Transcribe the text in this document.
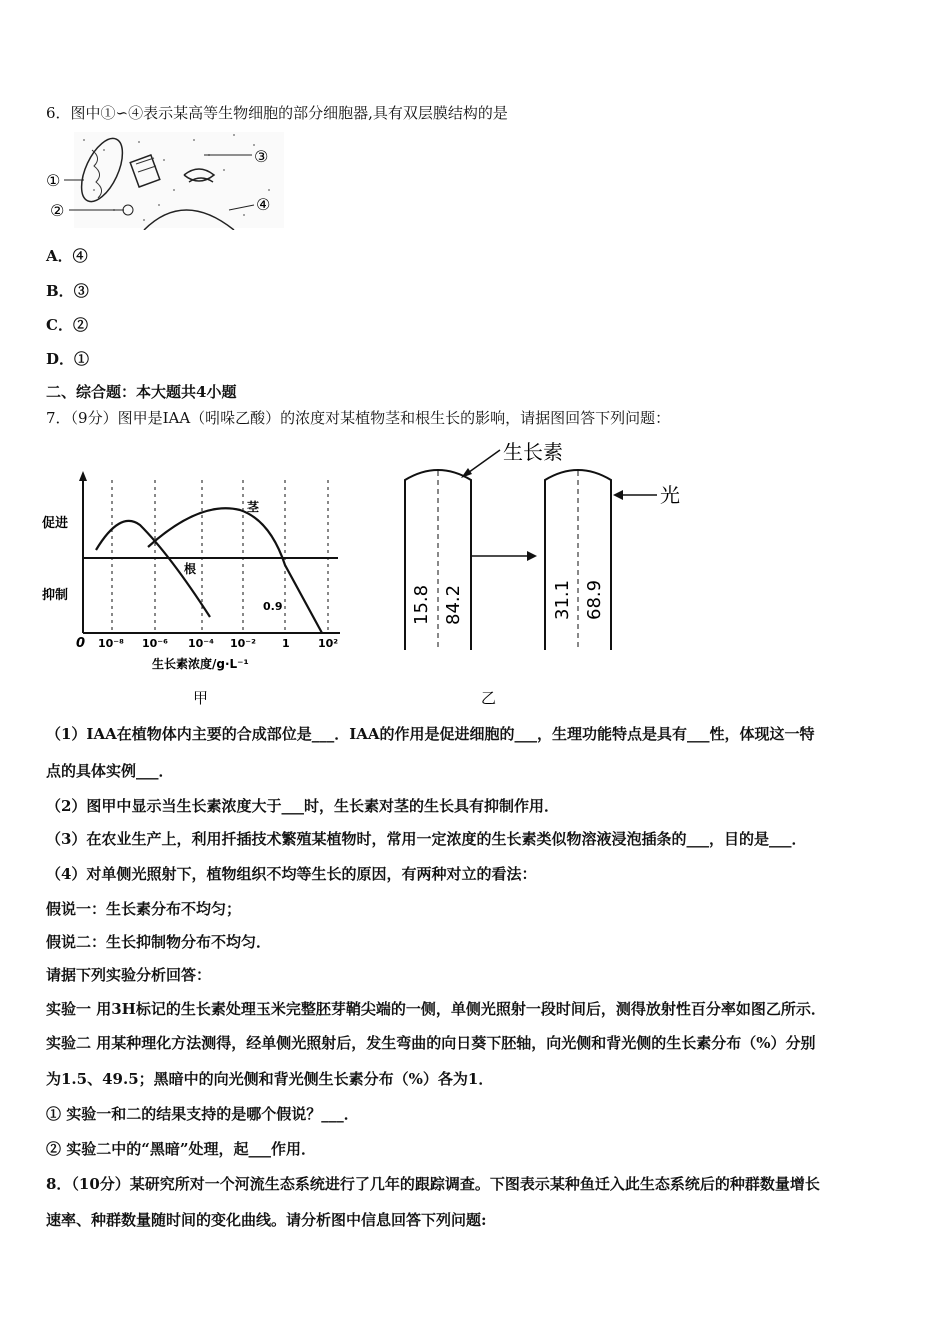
6．图中①∽④表示某高等生物细胞的部分细胞器,具有双层膜结构的是
①
②
③
④
A．④
B．③
C．②
D．①
二、综合题：本大题共4小题
7．（9分）图甲是IAA（吲哚乙酸）的浓度对某植物茎和根生长的影响，请据图回答下列问题：
促进
抑制
茎
根
0.9
0 10⁻⁸ 10⁻⁶ 10⁻⁴ 10⁻² 1	10²
生长素浓度/g·L⁻¹
甲
生长素
光
15.8 84.2	31.1 68.9
乙
（1）IAA在植物体内主要的合成部位是___．IAA的作用是促进细胞的___，生理功能特点是具有___性，体现这一特
点的具体实例___．
（2）图甲中显示当生长素浓度大于___时，生长素对茎的生长具有抑制作用．
（3）在农业生产上，利用扦插技术繁殖某植物时，常用一定浓度的生长素类似物溶液浸泡插条的___，目的是___．
（4）对单侧光照射下，植物组织不均等生长的原因，有两种对立的看法：
假说一：生长素分布不均匀；
假说二：生长抑制物分布不均匀．
请据下列实验分析回答：
实验一 用3H标记的生长素处理玉米完整胚芽鞘尖端的一侧，单侧光照射一段时间后，测得放射性百分率如图乙所示．
实验二 用某种理化方法测得，经单侧光照射后，发生弯曲的向日葵下胚轴，向光侧和背光侧的生长素分布（%）分别
为1.5、49.5；黑暗中的向光侧和背光侧生长素分布（%）各为1．
① 实验一和二的结果支持的是哪个假说？___．
② 实验二中的“黑暗”处理，起___作用．
8．（10分）某研究所对一个河流生态系统进行了几年的跟踪调查。下图表示某种鱼迁入此生态系统后的种群数量增长
速率、种群数量随时间的变化曲线。请分析图中信息回答下列问题:
